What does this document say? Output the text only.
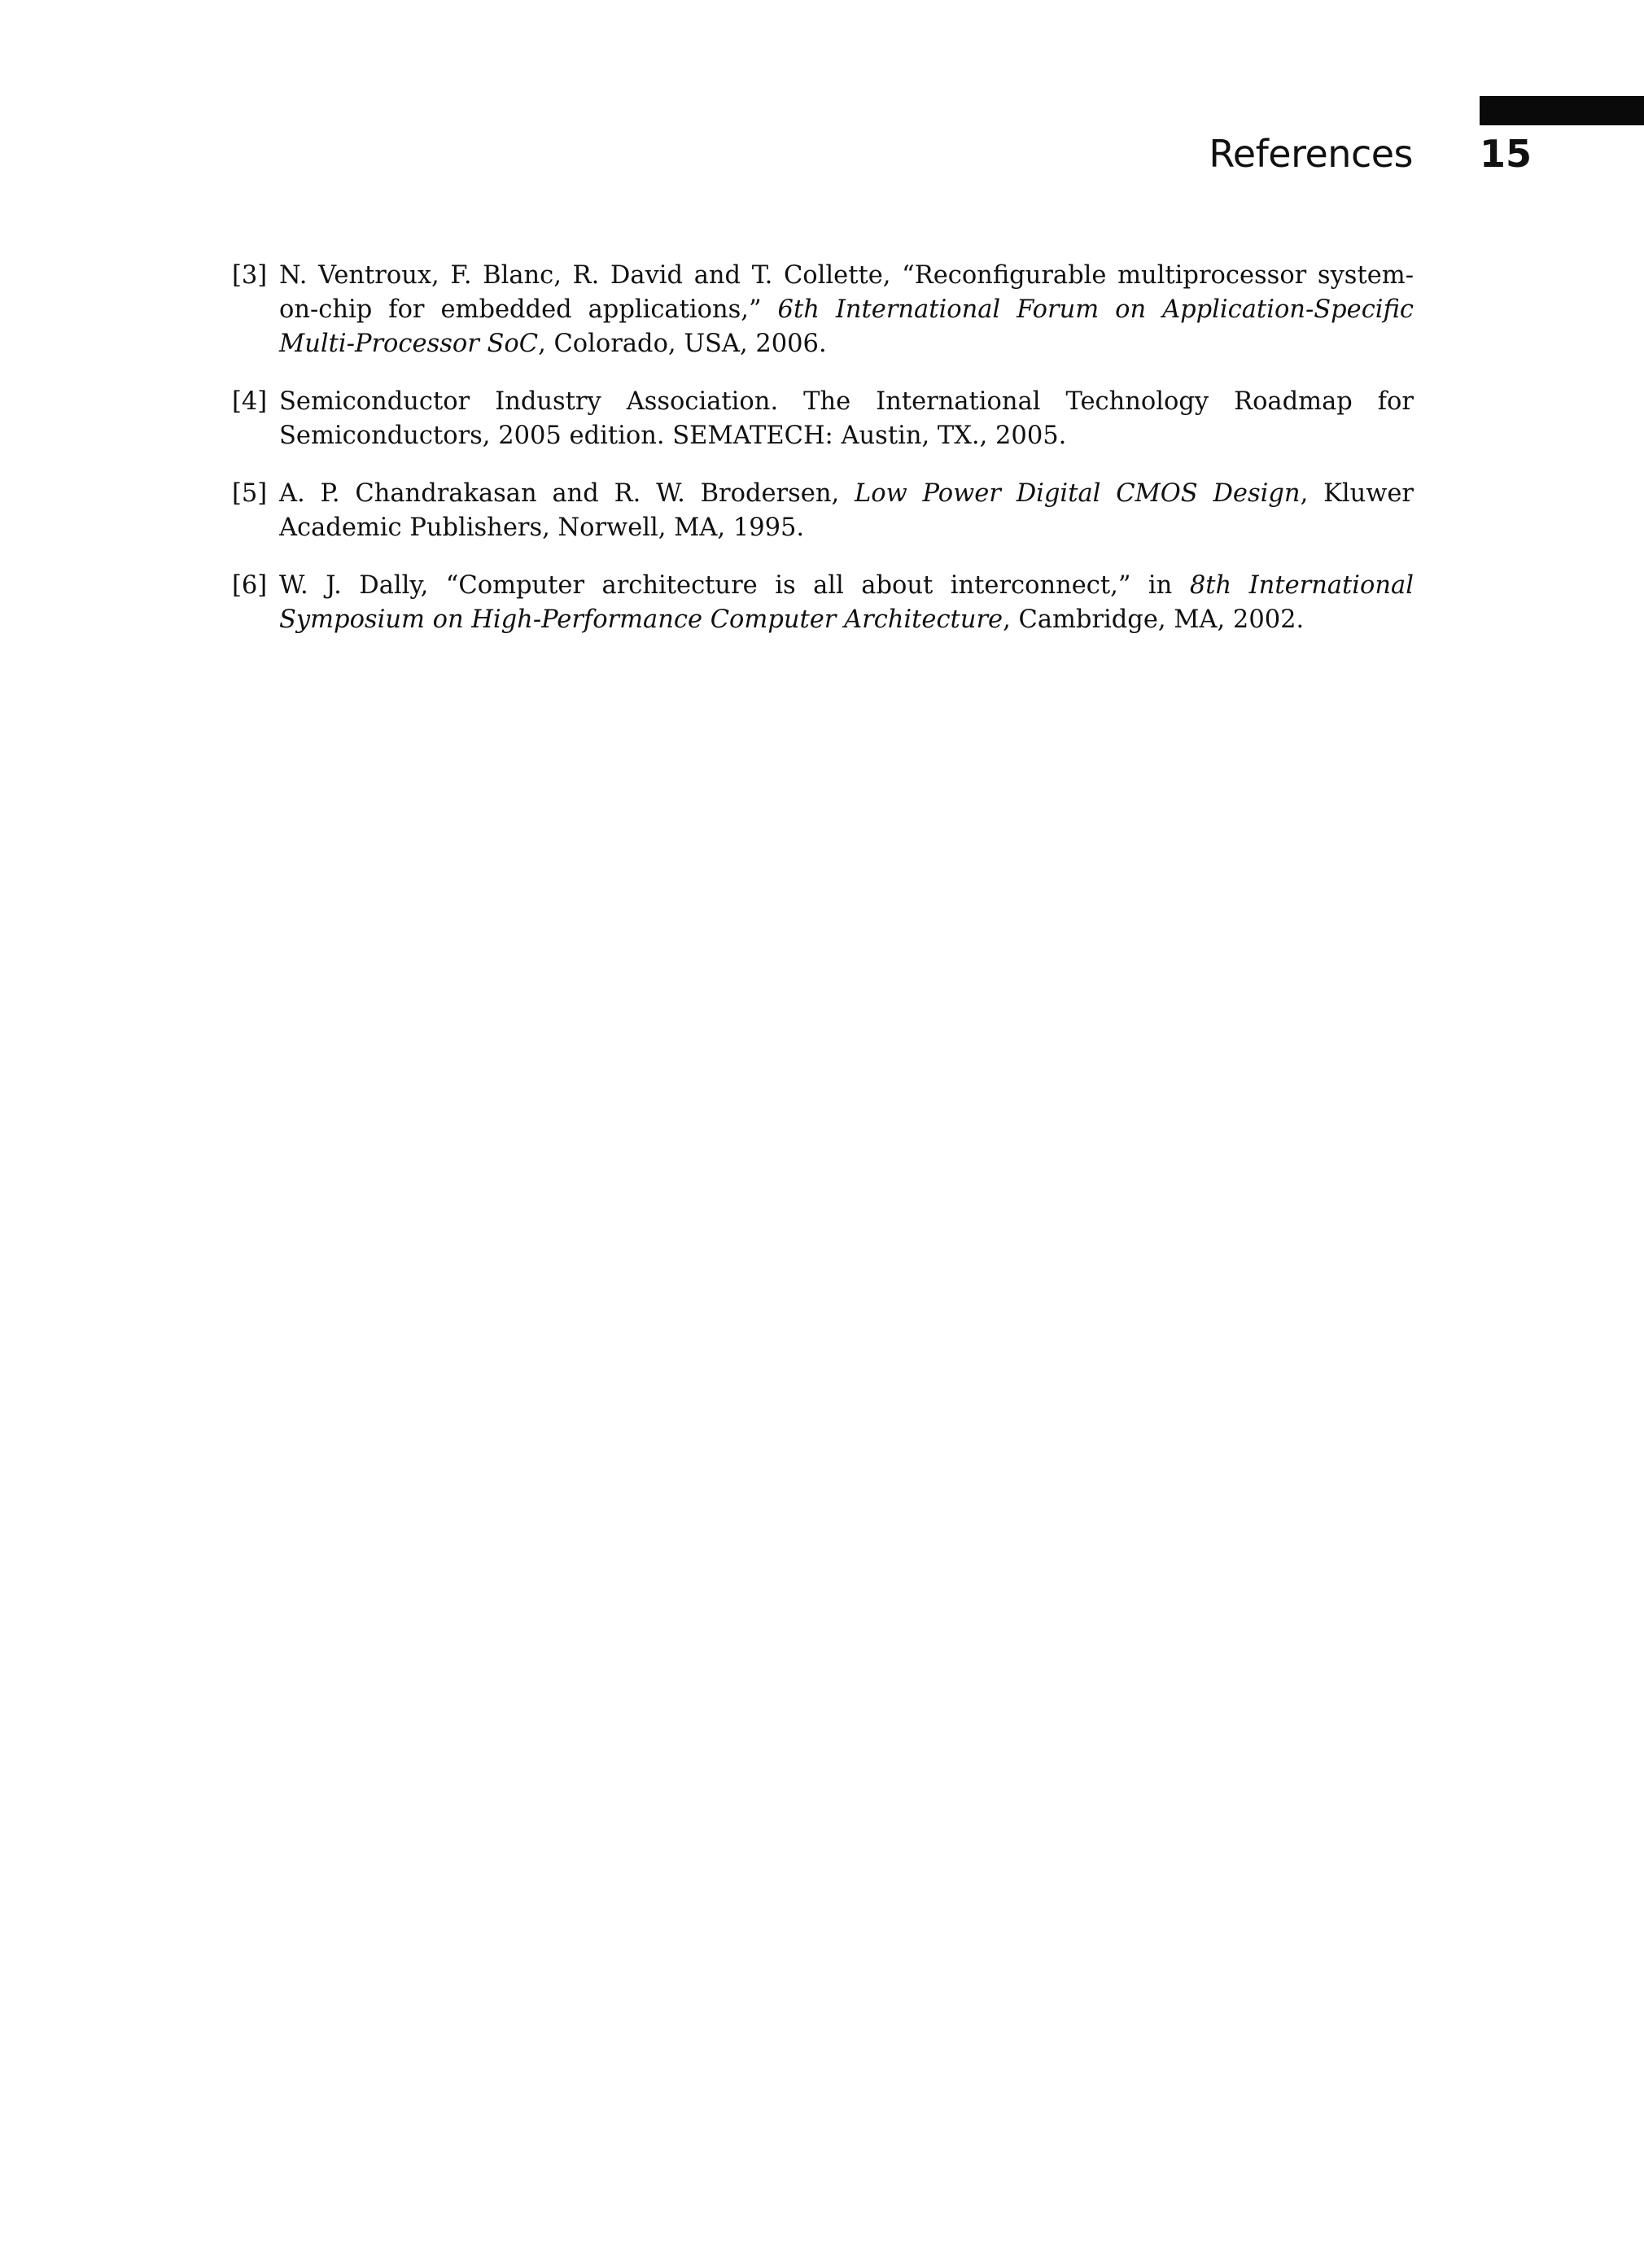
References 15
[3] N. Ventroux, F. Blanc, R. David and T. Collette, “Reconfigurable multiprocessor system-on-chip for embedded applications,” 6th International Forum on Application-Specific Multi-Processor SoC, Colorado, USA, 2006.
[4] Semiconductor Industry Association. The International Technology Roadmap for Semiconductors, 2005 edition. SEMATECH: Austin, TX., 2005.
[5] A. P. Chandrakasan and R. W. Brodersen, Low Power Digital CMOS Design, Kluwer Academic Publishers, Norwell, MA, 1995.
[6] W. J. Dally, “Computer architecture is all about interconnect,” in 8th International Symposium on High-Performance Computer Architecture, Cambridge, MA, 2002.
